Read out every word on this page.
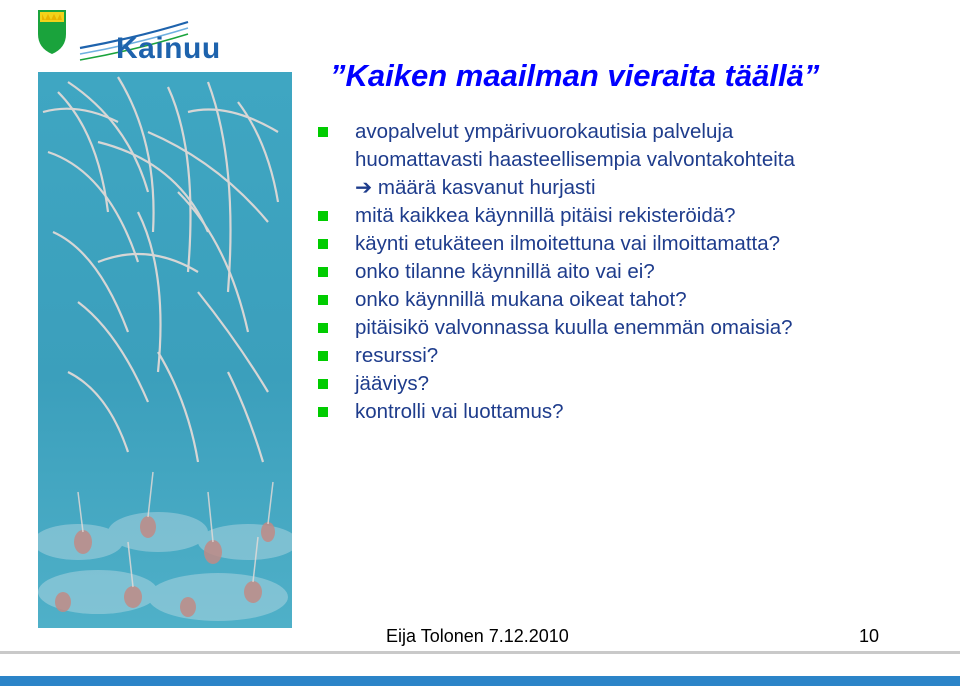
Kainuu
”Kaiken maailman vieraita täällä”
avopalvelut ympärivuorokautisia palveluja
huomattavasti haasteellisempia valvontakohteita
➔ määrä kasvanut hurjasti
mitä kaikkea käynnillä pitäisi rekisteröidä?
käynti etukäteen ilmoitettuna vai ilmoittamatta?
onko tilanne käynnillä aito vai ei?
onko käynnillä mukana oikeat tahot?
pitäisikö valvonnassa kuulla enemmän omaisia?
resurssi?
jääviys?
kontrolli vai luottamus?
Eija Tolonen 7.12.2010	10
